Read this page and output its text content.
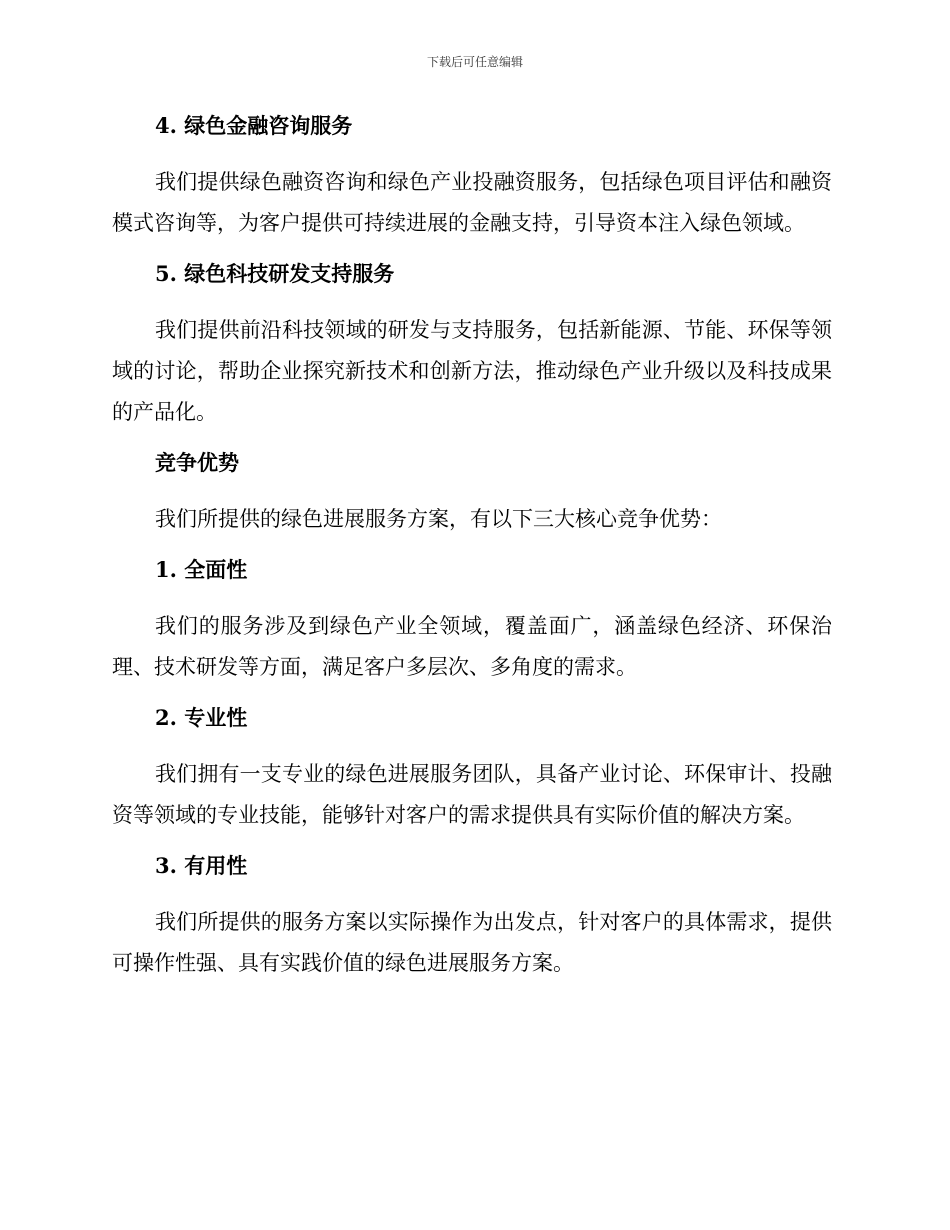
下载后可任意编辑
4. 绿色金融咨询服务

我们提供绿色融资咨询和绿色产业投融资服务，包括绿色项目评估和融资模式咨询等，为客户提供可持续进展的金融支持，引导资本注入绿色领域。

5. 绿色科技研发支持服务

我们提供前沿科技领域的研发与支持服务，包括新能源、节能、环保等领域的讨论，帮助企业探究新技术和创新方法，推动绿色产业升级以及科技成果的产品化。

竞争优势

我们所提供的绿色进展服务方案，有以下三大核心竞争优势：

1. 全面性

我们的服务涉及到绿色产业全领域，覆盖面广，涵盖绿色经济、环保治理、技术研发等方面，满足客户多层次、多角度的需求。

2. 专业性

我们拥有一支专业的绿色进展服务团队，具备产业讨论、环保审计、投融资等领域的专业技能，能够针对客户的需求提供具有实际价值的解决方案。

3. 有用性

我们所提供的服务方案以实际操作为出发点，针对客户的具体需求，提供可操作性强、具有实践价值的绿色进展服务方案。
